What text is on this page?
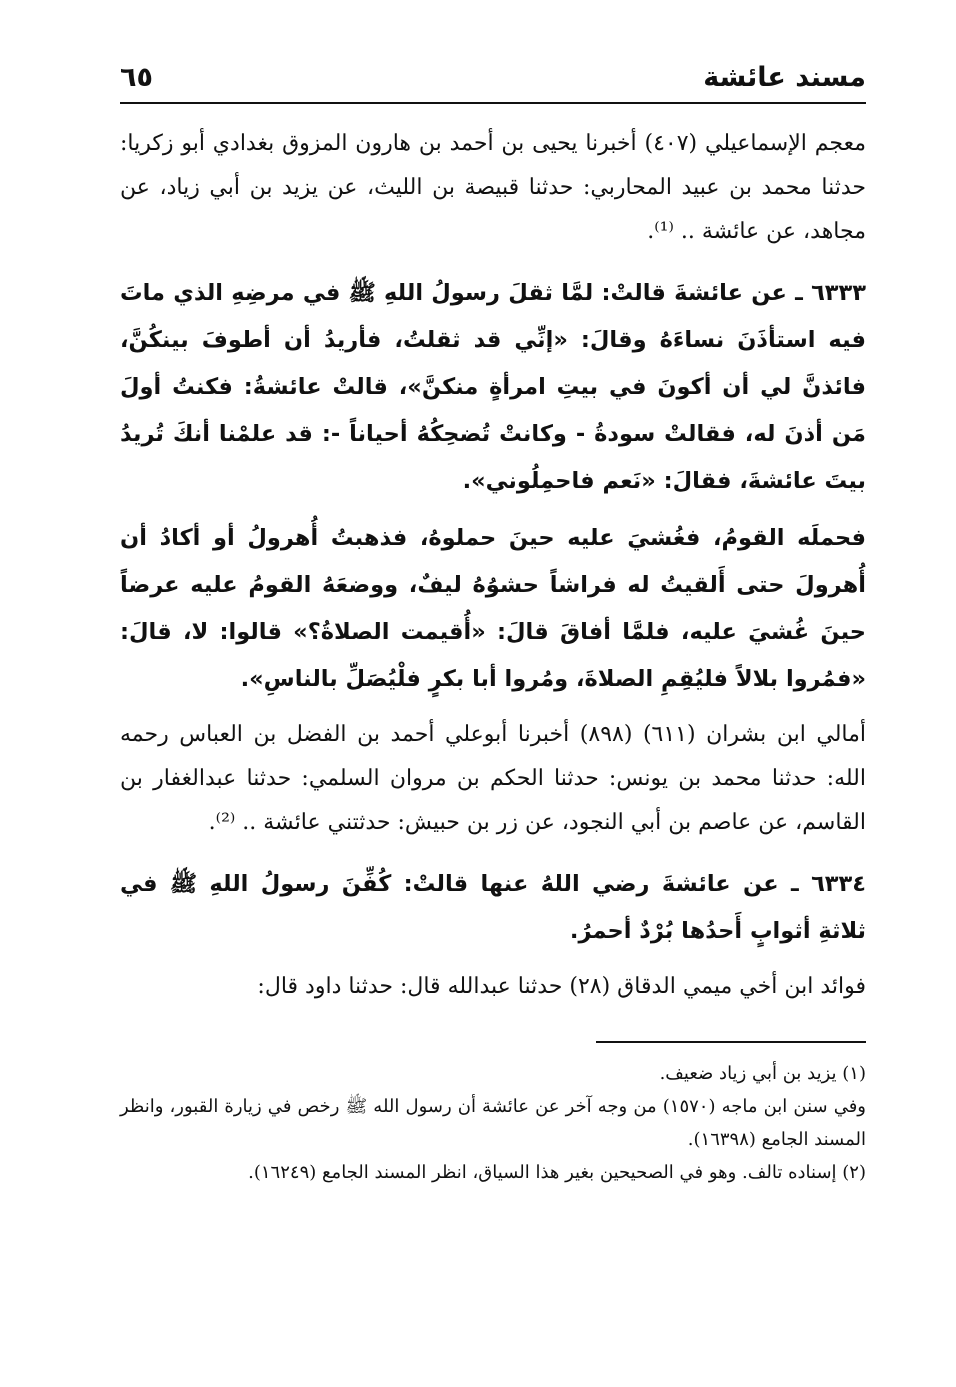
مسند عائشة
٦٥

معجم الإسماعيلي (٤٠٧) أخبرنا يحيى بن أحمد بن هارون المزوق بغدادي أبو زكريا: حدثنا محمد بن عبيد المحاربي: حدثنا قبيصة بن الليث، عن يزيد بن أبي زياد، عن مجاهد، عن عائشة .. ⁽¹⁾.

٦٣٣٣ ـ عن عائشةَ قالتْ: لمَّا ثقلَ رسولُ اللهِ ﷺ في مرضِهِ الذي ماتَ فيه استأذَنَ نساءَهُ وقالَ: «إنِّي قد ثقلتُ، فأريدُ أن أطوفَ بينكُنَّ، فائذنَّ لي أن أكونَ في بيتِ امرأةٍ منكنَّ»، قالتْ عائشةُ: فكنتُ أولَ مَن أذنَ له، فقالتْ سودةُ - وكانتْ تُضحِكُهُ أحياناً -: قد علمْنا أنكَ تُريدُ بيتَ عائشةَ، فقالَ: «نَعم فاحمِلُوني».

فحملَه القومُ، فغُشيَ عليه حينَ حملوهُ، فذهبتُ أُهرولُ أو أكادُ أن أُهرولَ حتى أَلقيتُ له فراشاً حشوُهُ ليفٌ، ووضعَهُ القومُ عليه عرضاً حينَ غُشيَ عليه، فلمَّا أفاقَ قالَ: «أُقيمت الصلاةُ؟» قالوا: لا، قالَ: «فمُروا بلالاً فليُقِمِ الصلاةَ، ومُروا أبا بكرٍ فلْيُصَلِّ بالناسِ».

أمالي ابن بشران (٦١١) (٨٩٨) أخبرنا أبوعلي أحمد بن الفضل بن العباس رحمه الله: حدثنا محمد بن يونس: حدثنا الحكم بن مروان السلمي: حدثنا عبدالغفار بن القاسم، عن عاصم بن أبي النجود، عن زر بن حبيش: حدثتني عائشة .. ⁽²⁾.

٦٣٣٤ ـ عن عائشةَ رضي اللهُ عنها قالتْ: كُفِّنَ رسولُ اللهِ ﷺ في ثلاثةِ أثوابٍ أَحدُها بُرْدٌ أحمرُ.

فوائد ابن أخي ميمي الدقاق (٢٨) حدثنا عبدالله قال: حدثنا داود قال:

(١) يزيد بن أبي زياد ضعيف.

وفي سنن ابن ماجه (١٥٧٠) من وجه آخر عن عائشة أن رسول الله ﷺ رخص في زيارة القبور، وانظر المسند الجامع (١٦٣٩٨).

(٢) إسناده تالف. وهو في الصحيحين بغير هذا السياق، انظر المسند الجامع (١٦٢٤٩).
